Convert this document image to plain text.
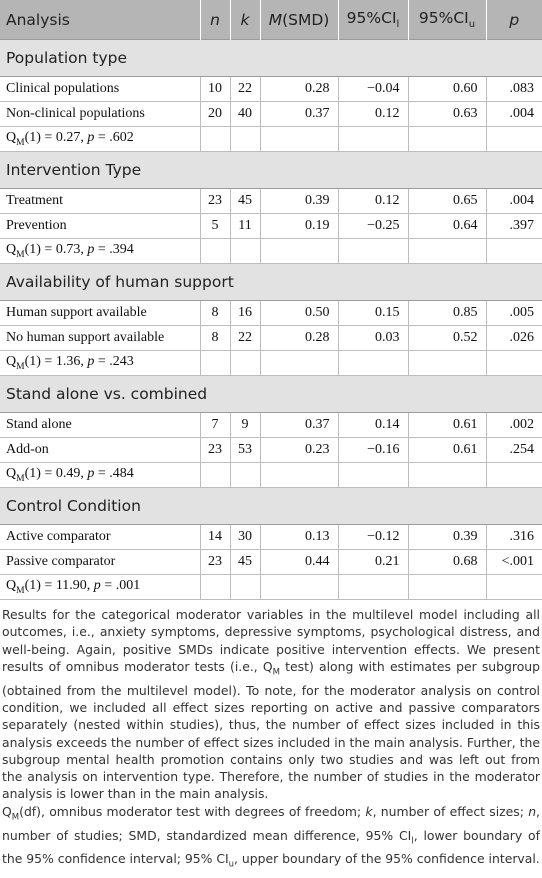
Analysis	n	k	M(SMD)	$95\%CI_l$	$95\%CI_u$	p
Population type						
Clinical populations	10	22	0.28	−0.04	0.60	.083
Non-clinical populations	20	40	0.37	0.12	0.63	.004
$Q_M(1) = 0.27$, p = .602						
Intervention Type						
Treatment	23	45	0.39	0.12	0.65	.004
Prevention	5	11	0.19	−0.25	0.64	.397
$Q_M(1) = 0.73$, p = .394						
Availability of human support						
Human support available	8	16	0.50	0.15	0.85	.005
No human support available	8	22	0.28	0.03	0.52	.026
$Q_M(1) = 1.36$, p = .243						
Stand alone vs. combined						
Stand alone	7	9	0.37	0.14	0.61	.002
Add-on	23	53	0.23	−0.16	0.61	.254
$Q_M(1) = 0.49$, p = .484						
Control Condition						
Active comparator	14	30	0.13	−0.12	0.39	.316
Passive comparator	23	45	0.44	0.21	0.68	<.001
$Q_M(1) = 11.90$, p = .001						

Results for the categorical moderator variables in the multilevel model including all outcomes, i.e., anxiety symptoms, depressive symptoms, psychological distress, and well-being. Again, positive SMDs indicate positive intervention effects. We present results of omnibus moderator tests (i.e., $Q_M$ test) along with estimates per subgroup (obtained from the multilevel model). To note, for the moderator analysis on control condition, we included all effect sizes reporting on active and passive comparators separately (nested within studies), thus, the number of effect sizes included in this analysis exceeds the number of effect sizes included in the main analysis. Further, the subgroup mental health promotion contains only two studies and was left out from the analysis on intervention type. Therefore, the number of studies in the moderator analysis is lower than in the main analysis.

$Q_M(df)$, omnibus moderator test with degrees of freedom; k, number of effect sizes; n, number of studies; SMD, standardized mean difference, 95% $CI_l$, lower boundary of the 95% confidence interval; 95% $CI_u$, upper boundary of the 95% confidence interval.
